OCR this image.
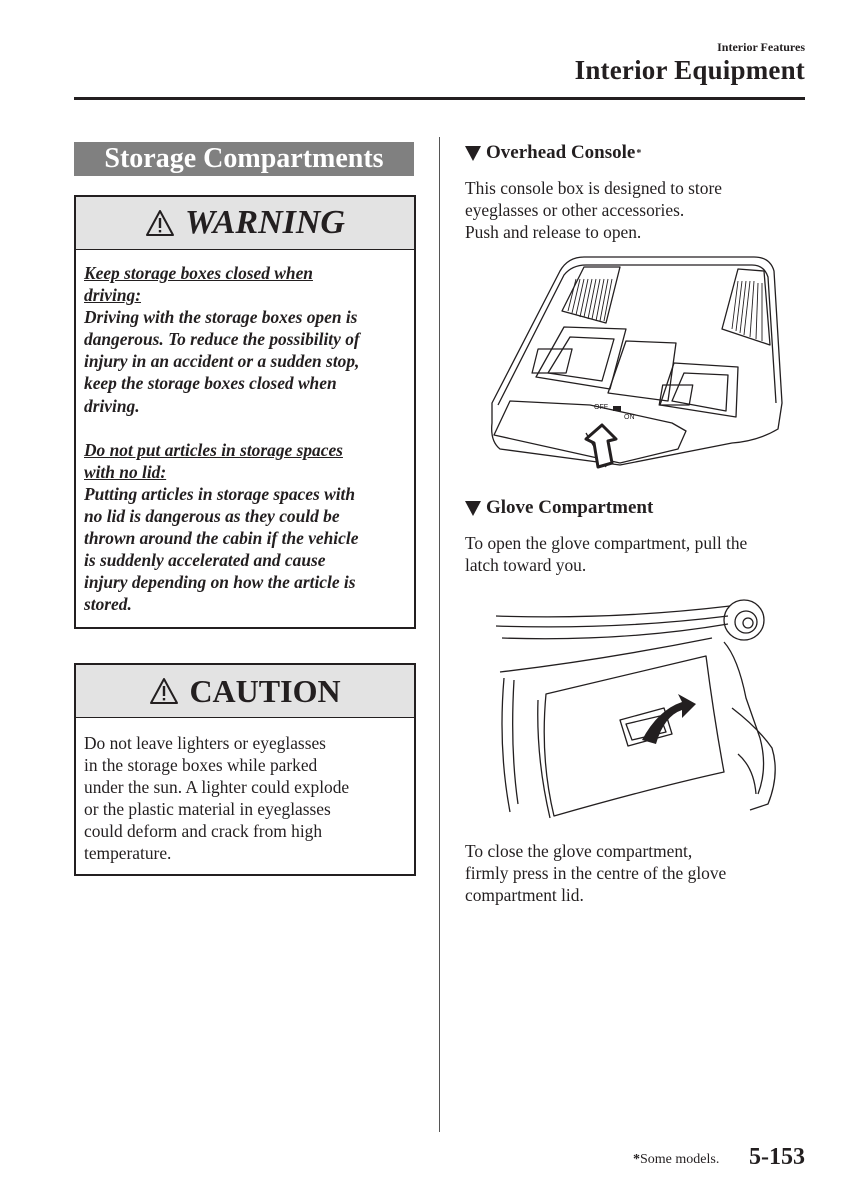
Interior Features
Interior Equipment
Storage Compartments
WARNING

Keep storage boxes closed when
driving:

Driving with the storage boxes open is
dangerous. To reduce the possibility of
injury in an accident or a sudden stop,
keep the storage boxes closed when
driving.

Do not put articles in storage spaces
with no lid:

Putting articles in storage spaces with
no lid is dangerous as they could be
thrown around the cabin if the vehicle
is suddenly accelerated and cause
injury depending on how the article is
stored.

CAUTION
Do not leave lighters or eyeglasses
in the storage boxes while parked
under the sun. A lighter could explode
or the plastic material in eyeglasses
could deform and crack from high
temperature.
Overhead Console *
This console box is designed to store
eyeglasses or other accessories.
Push and release to open.
OFF
ON
Glove Compartment
To open the glove compartment, pull the
latch toward you.
To close the glove compartment,
firmly press in the centre of the glove
compartment lid.
*Some models. 5-153
